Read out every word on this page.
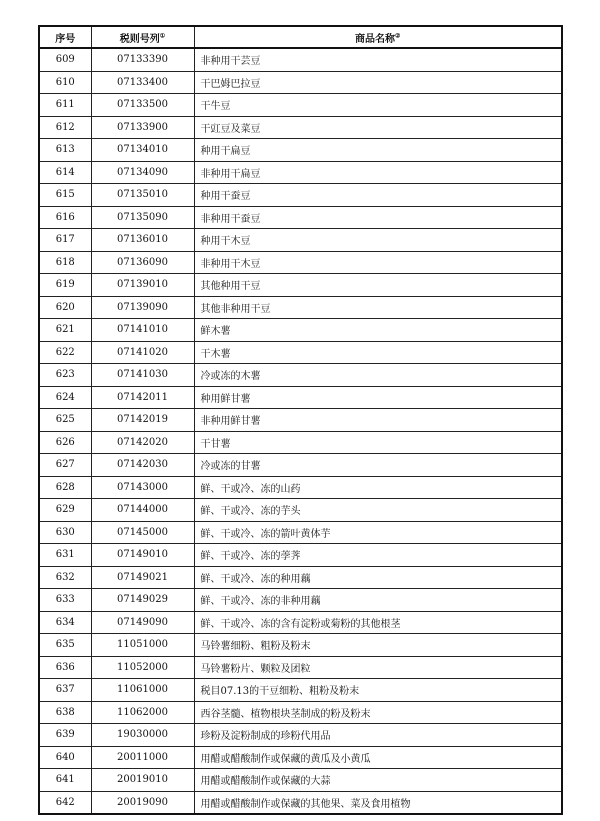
序号	税则号列①	商品名称②
609	07133390	非种用干芸豆
610	07133400	干巴姆巴拉豆
611	07133500	干牛豆
612	07133900	干豇豆及菜豆
613	07134010	种用干扁豆
614	07134090	非种用干扁豆
615	07135010	种用干蚕豆
616	07135090	非种用干蚕豆
617	07136010	种用干木豆
618	07136090	非种用干木豆
619	07139010	其他种用干豆
620	07139090	其他非种用干豆
621	07141010	鲜木薯
622	07141020	干木薯
623	07141030	冷或冻的木薯
624	07142011	种用鲜甘薯
625	07142019	非种用鲜甘薯
626	07142020	干甘薯
627	07142030	冷或冻的甘薯
628	07143000	鲜、干或冷、冻的山药
629	07144000	鲜、干或冷、冻的芋头
630	07145000	鲜、干或冷、冻的箭叶黄体芋
631	07149010	鲜、干或冷、冻的荸荠
632	07149021	鲜、干或冷、冻的种用藕
633	07149029	鲜、干或冷、冻的非种用藕
634	07149090	鲜、干或冷、冻的含有淀粉或菊粉的其他根茎
635	11051000	马铃薯细粉、粗粉及粉末
636	11052000	马铃薯粉片、颗粒及团粒
637	11061000	税目07.13的干豆细粉、粗粉及粉末
638	11062000	西谷茎髓、植物根块茎制成的粉及粉末
639	19030000	珍粉及淀粉制成的珍粉代用品
640	20011000	用醋或醋酸制作或保藏的黄瓜及小黄瓜
641	20019010	用醋或醋酸制作或保藏的大蒜
642	20019090	用醋或醋酸制作或保藏的其他果、菜及食用植物
